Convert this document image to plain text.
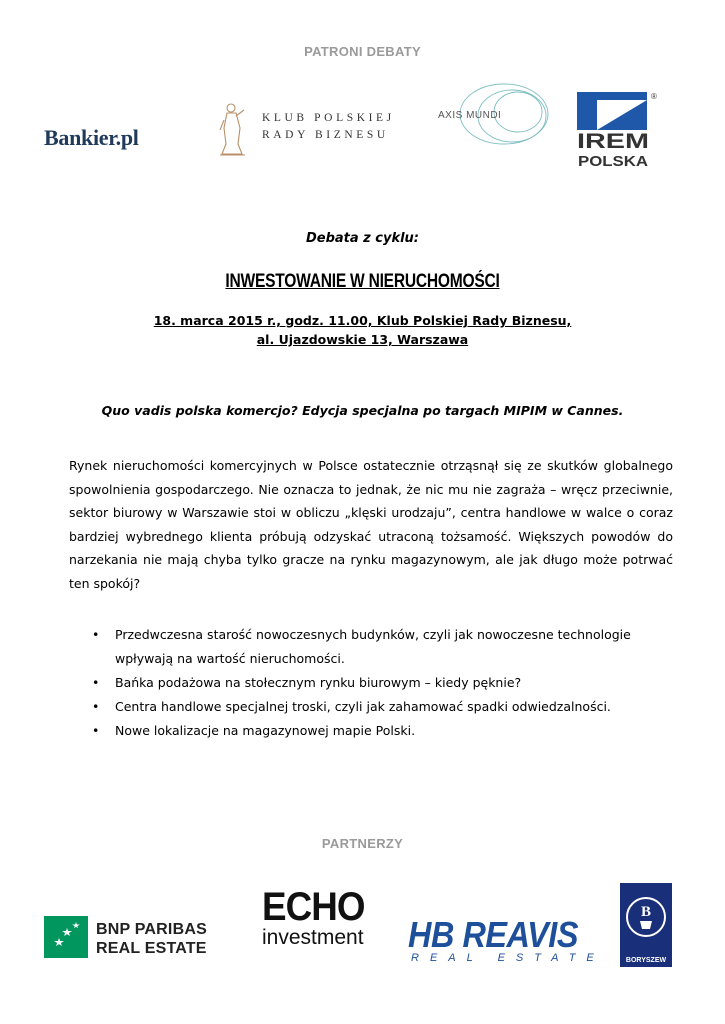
PATRONI DEBATY
Bankier.pl
KLUB POLSKIEJ
RADY BIZNESU
AXIS MUNDI
®
IREM
POLSKA
Debata z cyklu:
INWESTOWANIE W NIERUCHOMOŚCI
18. marca 2015 r., godz. 11.00, Klub Polskiej Rady Biznesu,
al. Ujazdowskie 13, Warszawa
Quo vadis polska komercjo? Edycja specjalna po targach MIPIM w Cannes.
Rynek nieruchomości komercyjnych w Polsce ostatecznie otrząsnął się ze skutków globalnego spowolnienia gospodarczego. Nie oznacza to jednak, że nic mu nie zagraża – wręcz przeciwnie, sektor biurowy w Warszawie stoi w obliczu „klęski urodzaju”, centra handlowe w walce o coraz bardziej wybrednego klienta próbują odzyskać utraconą tożsamość. Większych powodów do narzekania nie mają chyba tylko gracze na rynku magazynowym, ale jak długo może potrwać ten spokój?
• Przedwczesna starość nowoczesnych budynków, czyli jak nowoczesne technologie wpływają na wartość nieruchomości.
• Bańka podażowa na stołecznym rynku biurowym – kiedy pęknie?
• Centra handlowe specjalnej troski, czyli jak zahamować spadki odwiedzalności.
• Nowe lokalizacje na magazynowej mapie Polski.
PARTNERZY
BNP PARIBAS
REAL ESTATE
ECHO
investment HB REAVIS
REAL ESTATE
B
BORYSZEW
